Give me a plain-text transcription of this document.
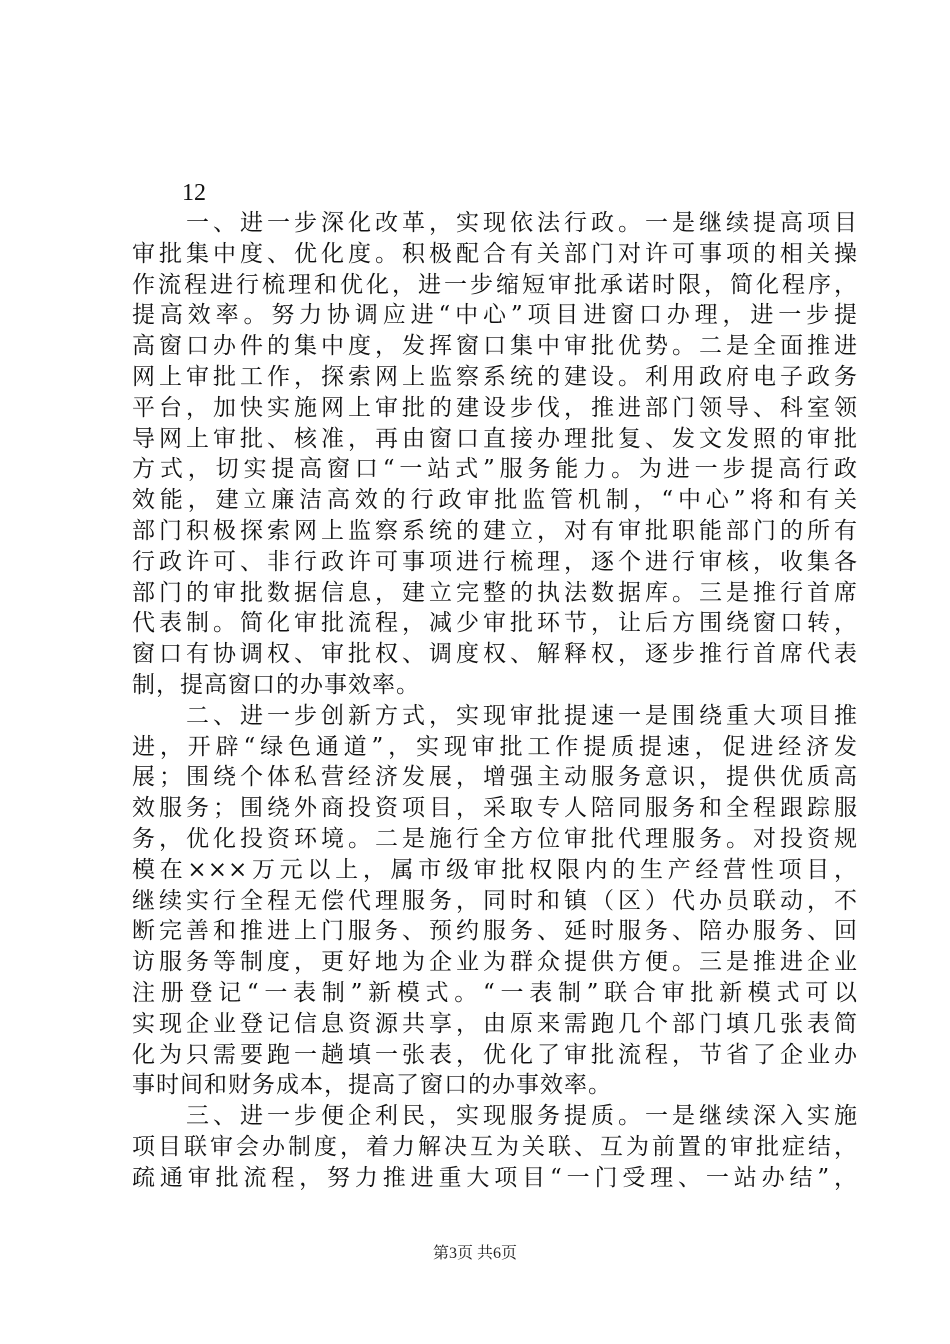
12
　　一、进一步深化改革，实现依法行政。一是继续提高项目
审批集中度、优化度。积极配合有关部门对许可事项的相关操
作流程进行梳理和优化，进一步缩短审批承诺时限，简化程序，
提高效率。努力协调应进“中心”项目进窗口办理，进一步提
高窗口办件的集中度，发挥窗口集中审批优势。二是全面推进
网上审批工作，探索网上监察系统的建设。利用政府电子政务
平台，加快实施网上审批的建设步伐，推进部门领导、科室领
导网上审批、核准，再由窗口直接办理批复、发文发照的审批
方式，切实提高窗口“一站式”服务能力。为进一步提高行政
效能，建立廉洁高效的行政审批监管机制，“中心”将和有关
部门积极探索网上监察系统的建立，对有审批职能部门的所有
行政许可、非行政许可事项进行梳理，逐个进行审核，收集各
部门的审批数据信息，建立完整的执法数据库。三是推行首席
代表制。简化审批流程，减少审批环节，让后方围绕窗口转，
窗口有协调权、审批权、调度权、解释权，逐步推行首席代表
制，提高窗口的办事效率。
　　二、进一步创新方式，实现审批提速一是围绕重大项目推
进，开辟“绿色通道”，实现审批工作提质提速，促进经济发
展；围绕个体私营经济发展，增强主动服务意识，提供优质高
效服务；围绕外商投资项目，采取专人陪同服务和全程跟踪服
务，优化投资环境。二是施行全方位审批代理服务。对投资规
模在×××万元以上，属市级审批权限内的生产经营性项目，
继续实行全程无偿代理服务，同时和镇（区）代办员联动，不
断完善和推进上门服务、预约服务、延时服务、陪办服务、回
访服务等制度，更好地为企业为群众提供方便。三是推进企业
注册登记“一表制”新模式。“一表制”联合审批新模式可以
实现企业登记信息资源共享，由原来需跑几个部门填几张表简
化为只需要跑一趟填一张表，优化了审批流程，节省了企业办
事时间和财务成本，提高了窗口的办事效率。
　　三、进一步便企利民，实现服务提质。一是继续深入实施
项目联审会办制度，着力解决互为关联、互为前置的审批症结，
疏通审批流程，努力推进重大项目“一门受理、一站办结”，
第3页 共6页
